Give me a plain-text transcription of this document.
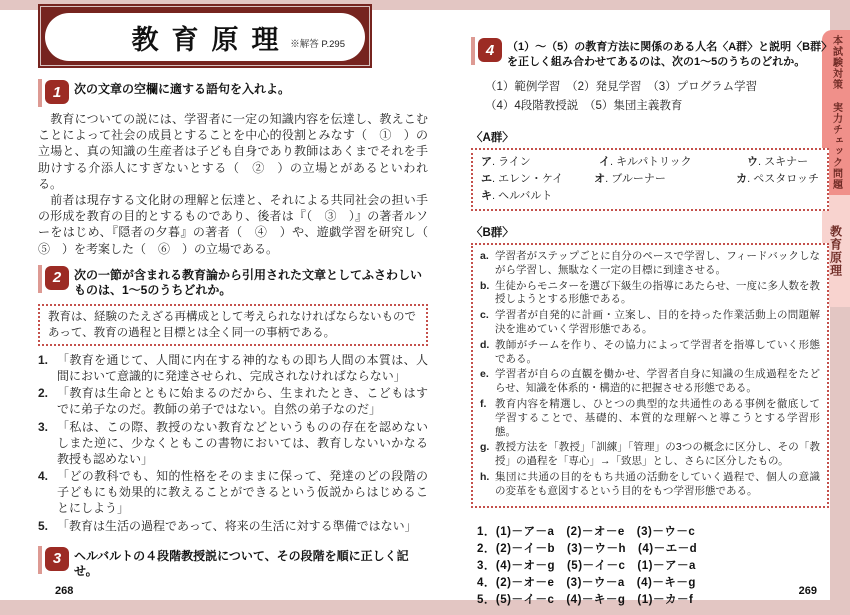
本試験対策 実力チェック問題
教育原理
教育原理
※解答 P.295
1	次の文章の空欄に適する語句を入れよ。
　教育についての説には、学習者に一定の知識内容を伝達し、教えこむことによって社会の成員とすることを中心的役割とみなす（　①　）の立場と、真の知識の生産者は子ども自身であり教師はあくまでそれを手助けする介添人にすぎないとする（　②　）の立場とがあるといわれる。
　前者は現存する文化財の理解と伝達と、それによる共同社会の担い手の形成を教育の目的とするものであり、後者は『（　③　）』の著者ルソーをはじめ、『隠者の夕暮』の著者（　④　）や、遊戯学習を研究し（　⑤　）を考案した（　⑥　）の立場である。
2	次の一節が含まれる教育論から引用された文章としてふさわしいものは、1～5のうちどれか。
教育は、経験のたえざる再構成として考えられなければならないものであって、教育の過程と目標とは全く同一の事柄である。
1. 「教育を通じて、人間に内在する神的なもの即ち人間の本質は、人間において意識的に発達させられ、完成されなければならない」
2. 「教育は生命とともに始まるのだから、生まれたとき、こどもはすでに弟子なのだ。教師の弟子ではない。自然の弟子なのだ」
3. 「私は、この際、教授のない教育などというものの存在を認めないしまた逆に、少なくともこの書物においては、教育しないいかなる教授も認めない」
4. 「どの教科でも、知的性格をそのままに保って、発達のどの段階の子どもにも効果的に教えることができるという仮説からはじめることにしよう」
5. 「教育は生活の過程であって、将来の生活に対する準備ではない」
3	ヘルバルトの４段階教授説について、その段階を順に正しく記せ。
4	（1）～（5）の教育方法に関係のある人名〈A群〉と説明〈B群〉を正しく組み合わせてあるのは、次の1～5のうちのどれか。
（1）範例学習　（2）発見学習　（3）プログラム学習
（4）4段階教授説　（5）集団主義教育
〈A群〉
ア. ライン	イ. キルパトリック	ウ. スキナー
エ. エレン・ケイ	オ. ブルーナー	カ. ペスタロッチ
キ. ヘルバルト
〈B群〉
a. 学習者がステップごとに自分のペースで学習し、フィードバックしながら学習し、無駄なく一定の目標に到達させる。
b. 生徒からモニターを選び下級生の指導にあたらせ、一度に多人数を教授しようとする形態である。
c. 学習者が自発的に計画・立案し、目的を持った作業活動上の問題解決を進めていく学習形態である。
d. 教師がチームを作り、その協力によって学習者を指導していく形態である。
e. 学習者が自らの直観を働かせ、学習者自身に知識の生成過程をたどらせ、知識を体系的・構造的に把握させる形態である。
f. 教育内容を精選し、ひとつの典型的な共通性のある事例を徹底して学習することで、基礎的、本質的な理解へと導こうとする学習形態。
g. 教授方法を「教授」「訓練」「管理」の3つの概念に区分し、その「教授」の過程を「専心」→「致思」とし、さらに区分したもの。
h. 集団に共通の目的をもち共通の活動をしていく過程で、個人の意識の変革をも意図するという目的をもつ学習形態である。
1．(1)－ア－a　(2)－オ－e　(3)－ウ－c
2．(2)－イ－b　(3)－ウ－h　(4)－エ－d
3．(4)－オ－g　(5)－イ－c　(1)－ア－a
4．(2)－オ－e　(3)－ウ－a　(4)－キ－g
5．(5)－イ－c　(4)－キ－g　(1)－カ－f
268	269
